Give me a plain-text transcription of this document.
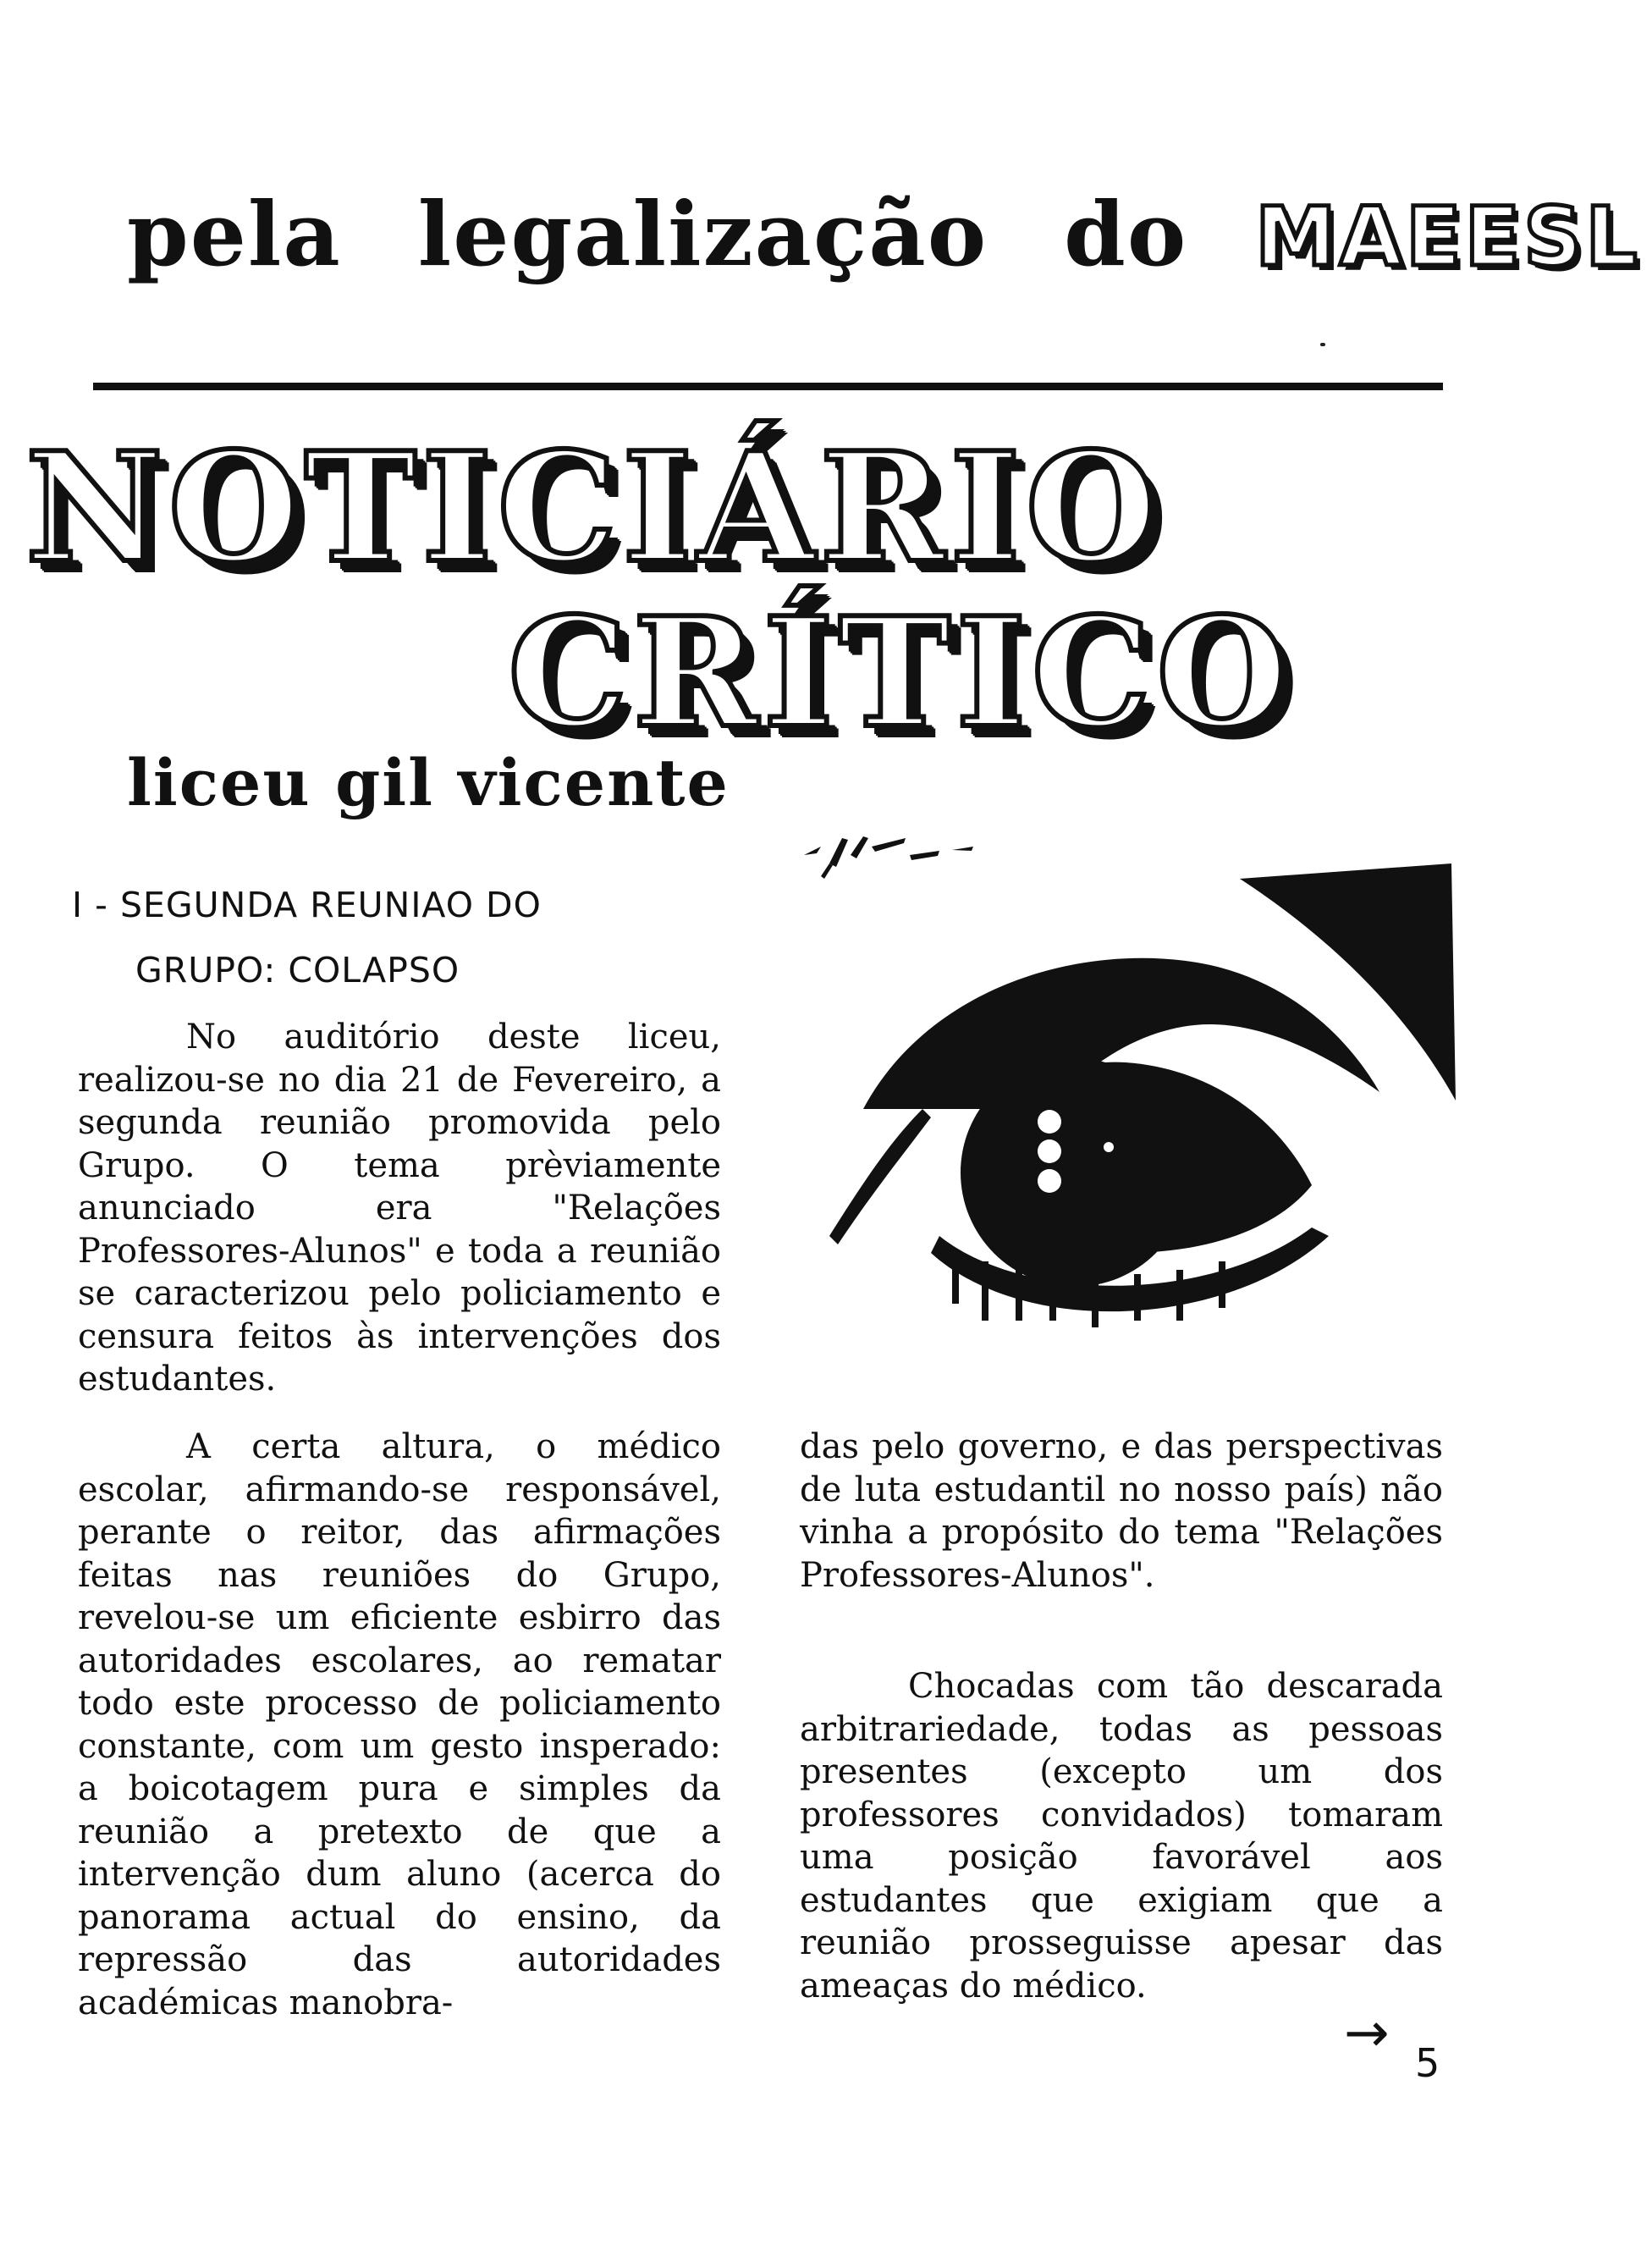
pela legalização do MAEESL
NOTICIÁRIO
CRÍTICO
liceu gil vicente
I - SEGUNDA REUNIAO DO
GRUPO: COLAPSO

No auditório deste liceu, realizou-se no dia 21 de Fevereiro, a segunda reunião promovida pelo Grupo. O tema prèviamente anunciado era "Relações Professores-Alunos" e toda a reunião se caracterizou pelo policiamento e censura feitos às intervenções dos estudantes.

A certa altura, o médico escolar, afirmando-se responsável, perante o reitor, das afirmações feitas nas reuniões do Grupo, revelou-se um eficiente esbirro das autoridades escolares, ao rematar todo este processo de policiamento constante, com um gesto insperado: a boicotagem pura e simples da reunião a pretexto de que a intervenção dum aluno (acerca do panorama actual do ensino, da repressão das autoridades académicas manobra-

das pelo governo, e das perspectivas de luta estudantil no nosso país) não vinha a propósito do tema "Relações Professores-Alunos".

Chocadas com tão descarada arbitrariedade, todas as pessoas presentes (excepto um dos professores convidados) tomaram uma posição favorável aos estudantes que exigiam que a reunião prosseguisse apesar das ameaças do médico.

→ 5
